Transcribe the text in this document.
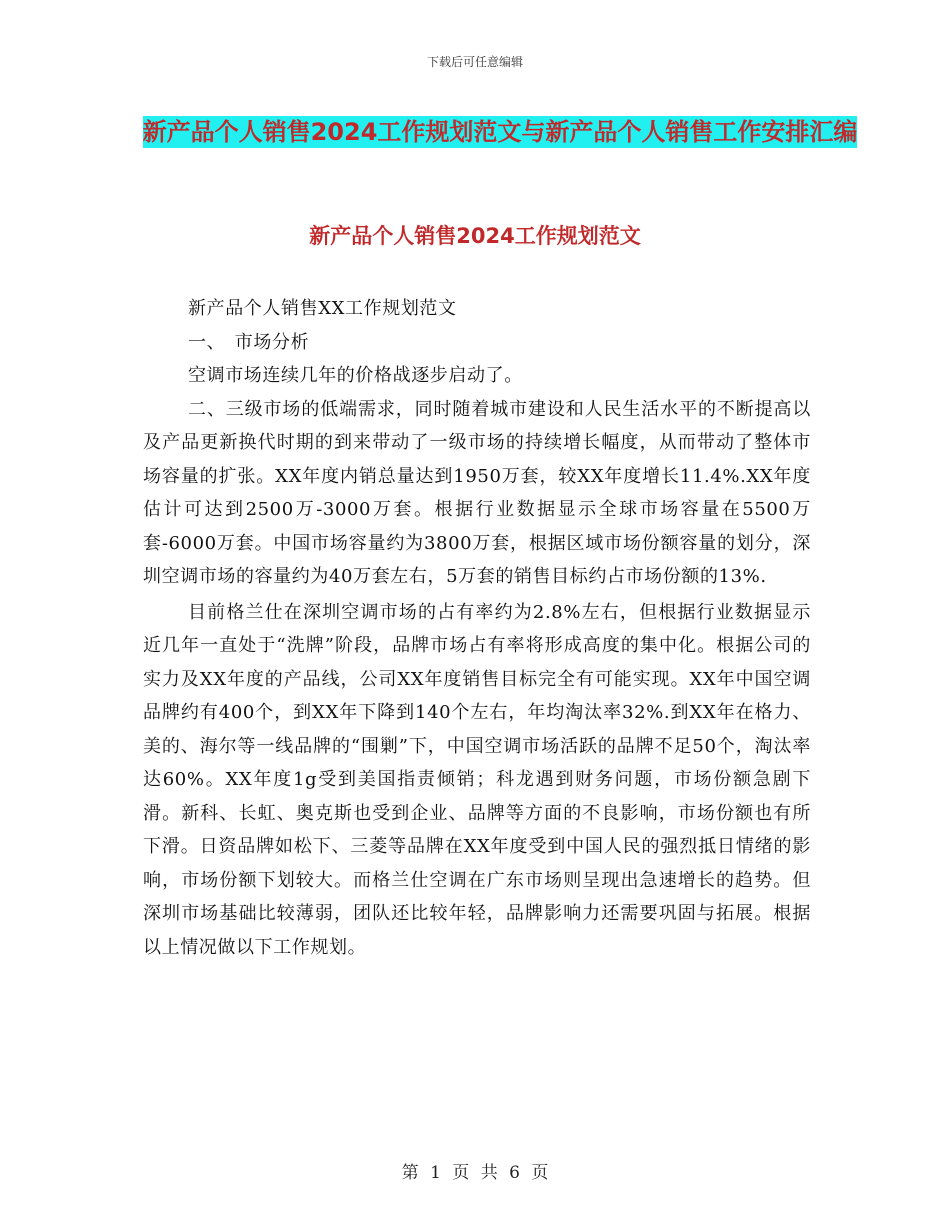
下载后可任意编辑
新产品个人销售2024工作规划范文与新产品个人销售工作安排汇编
新产品个人销售2024工作规划范文

新产品个人销售XX工作规划范文

一、　市场分析

空调市场连续几年的价格战逐步启动了。

二、三级市场的低端需求，同时随着城市建设和人民生活水平的不断提高以及产品更新换代时期的到来带动了一级市场的持续增长幅度，从而带动了整体市场容量的扩张。XX年度内销总量达到1950万套，较XX年度增长11.4%.XX年度估计可达到2500万-3000万套。根据行业数据显示全球市场容量在5500万套-6000万套。中国市场容量约为3800万套，根据区域市场份额容量的划分，深圳空调市场的容量约为40万套左右，5万套的销售目标约占市场份额的13%.

目前格兰仕在深圳空调市场的占有率约为2.8%左右，但根据行业数据显示近几年一直处于“洗牌”阶段，品牌市场占有率将形成高度的集中化。根据公司的实力及XX年度的产品线，公司XX年度销售目标完全有可能实现。XX年中国空调品牌约有400个，到XX年下降到140个左右，年均淘汰率32%.到XX年在格力、美的、海尔等一线品牌的“围剿”下，中国空调市场活跃的品牌不足50个，淘汰率达60%。XX年度1g受到美国指责倾销；科龙遇到财务问题，市场份额急剧下滑。新科、长虹、奥克斯也受到企业、品牌等方面的不良影响，市场份额也有所下滑。日资品牌如松下、三菱等品牌在XX年度受到中国人民的强烈抵日情绪的影响，市场份额下划较大。而格兰仕空调在广东市场则呈现出急速增长的趋势。但深圳市场基础比较薄弱，团队还比较年轻，品牌影响力还需要巩固与拓展。根据以上情况做以下工作规划。

第 1 页 共 6 页
